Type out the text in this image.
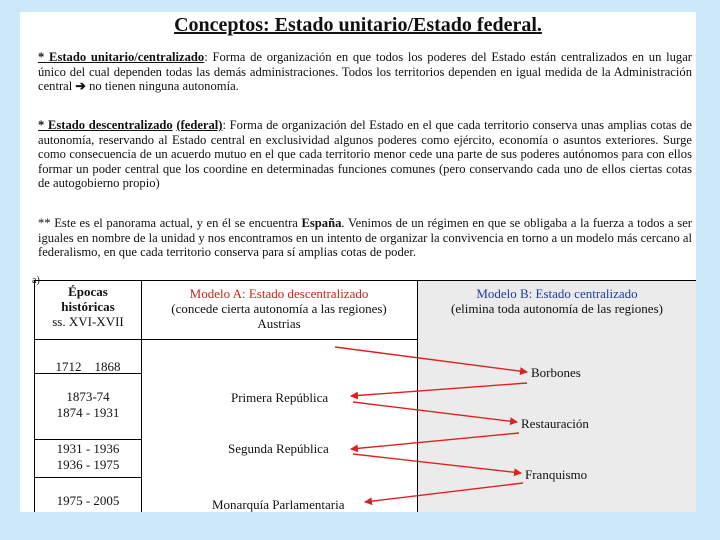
Conceptos: Estado unitario/Estado federal.
* Estado unitario/centralizado: Forma de organización en que todos los poderes del Estado están centralizados en un lugar único del cual dependen todas las demás administraciones. Todos los territorios dependen en igual medida de la Administración central ➔ no tienen ninguna autonomía.
* Estado descentralizado (federal): Forma de organización del Estado en el que cada territorio conserva unas amplias cotas de autonomía, reservando al Estado central en exclusividad algunos poderes como ejército, economía o asuntos exteriores. Surge como consecuencia de un acuerdo mutuo en el que cada territorio menor cede una parte de sus poderes autónomos para con ellos formar un poder central que los coordine en determinadas funciones comunes (pero conservando cada uno de ellos ciertas cotas de autogobierno propio)
** Este es el panorama actual, y en él se encuentra España. Venimos de un régimen en que se obligaba a la fuerza a todos a ser iguales en nombre de la unidad y nos encontramos en un intento de organizar la convivencia en torno a un modelo más cercano al federalismo, en que cada territorio conserva para sí amplias cotas de poder.
a)
Épocas
históricas
ss. XVI-XVII
Modelo A: Estado descentralizado
(concede cierta autonomía a las regiones)
Austrias
Modelo B: Estado centralizado
(elimina toda autonomía de las regiones)
1712    1868
1873-74
1874 - 1931
1931 - 1936
1936 - 1975
1975 - 2005
Borbones
Primera República
Restauración
Segunda República
Franquismo
Monarquía Parlamentaria
